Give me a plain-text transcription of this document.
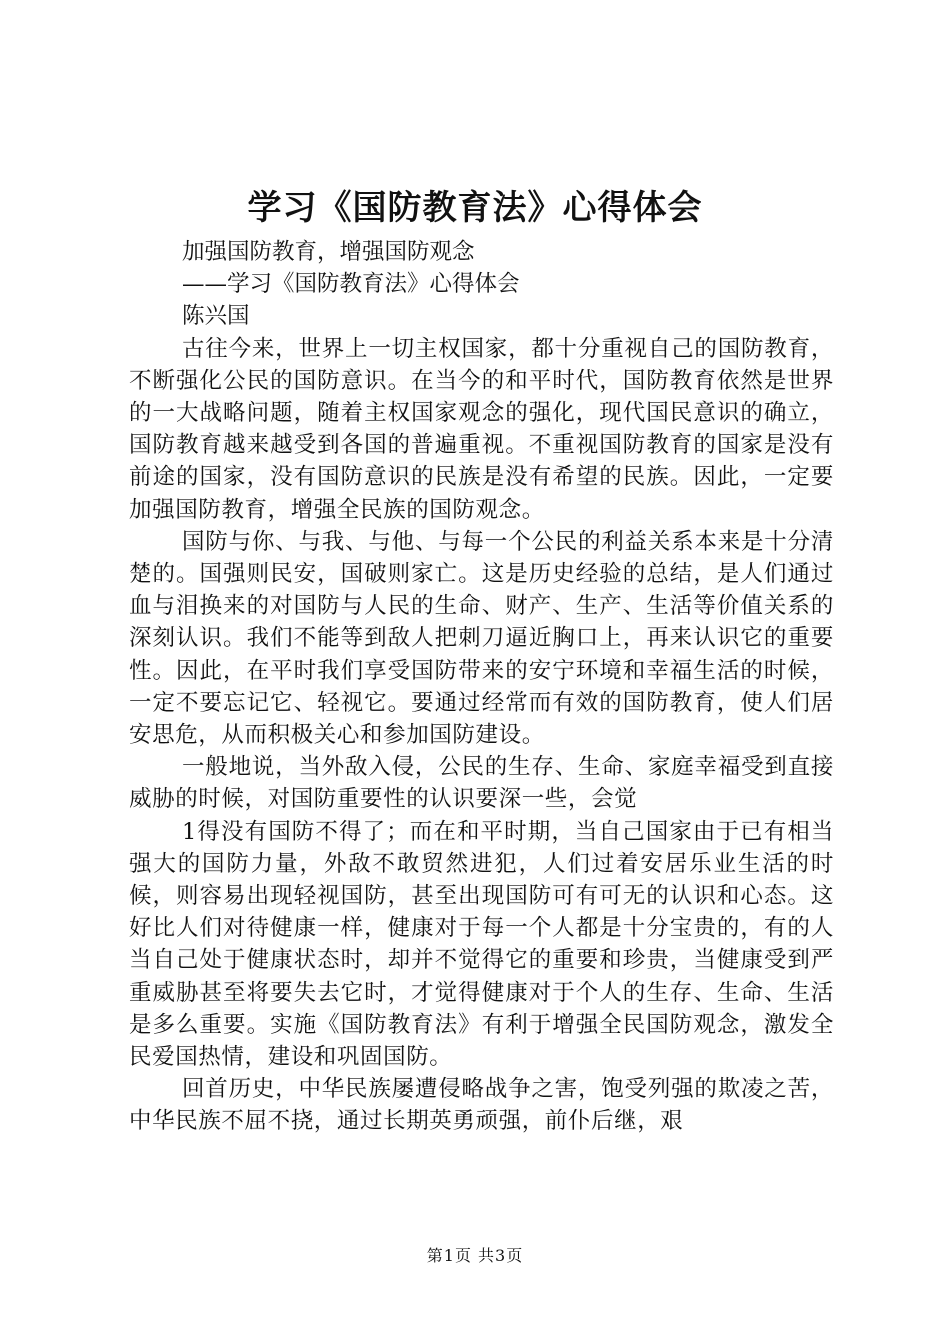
学习《国防教育法》心得体会

加强国防教育，增强国防观念

——学习《国防教育法》心得体会

陈兴国

古往今来，世界上一切主权国家，都十分重视自己的国防教育，不断强化公民的国防意识。在当今的和平时代，国防教育依然是世界的一大战略问题，随着主权国家观念的强化，现代国民意识的确立，国防教育越来越受到各国的普遍重视。不重视国防教育的国家是没有前途的国家，没有国防意识的民族是没有希望的民族。因此，一定要加强国防教育，增强全民族的国防观念。

国防与你、与我、与他、与每一个公民的利益关系本来是十分清楚的。国强则民安，国破则家亡。这是历史经验的总结，是人们通过血与泪换来的对国防与人民的生命、财产、生产、生活等价值关系的深刻认识。我们不能等到敌人把刺刀逼近胸口上，再来认识它的重要性。因此，在平时我们享受国防带来的安宁环境和幸福生活的时候，一定不要忘记它、轻视它。要通过经常而有效的国防教育，使人们居安思危，从而积极关心和参加国防建设。

一般地说，当外敌入侵，公民的生存、生命、家庭幸福受到直接威胁的时候，对国防重要性的认识要深一些，会觉

1得没有国防不得了；而在和平时期，当自己国家由于已有相当强大的国防力量，外敌不敢贸然进犯，人们过着安居乐业生活的时候，则容易出现轻视国防，甚至出现国防可有可无的认识和心态。这好比人们对待健康一样，健康对于每一个人都是十分宝贵的，有的人当自己处于健康状态时，却并不觉得它的重要和珍贵，当健康受到严重威胁甚至将要失去它时，才觉得健康对于个人的生存、生命、生活是多么重要。实施《国防教育法》有利于增强全民国防观念，激发全民爱国热情，建设和巩固国防。

回首历史，中华民族屡遭侵略战争之害，饱受列强的欺凌之苦，中华民族不屈不挠，通过长期英勇顽强，前仆后继，艰

第1页 共3页
